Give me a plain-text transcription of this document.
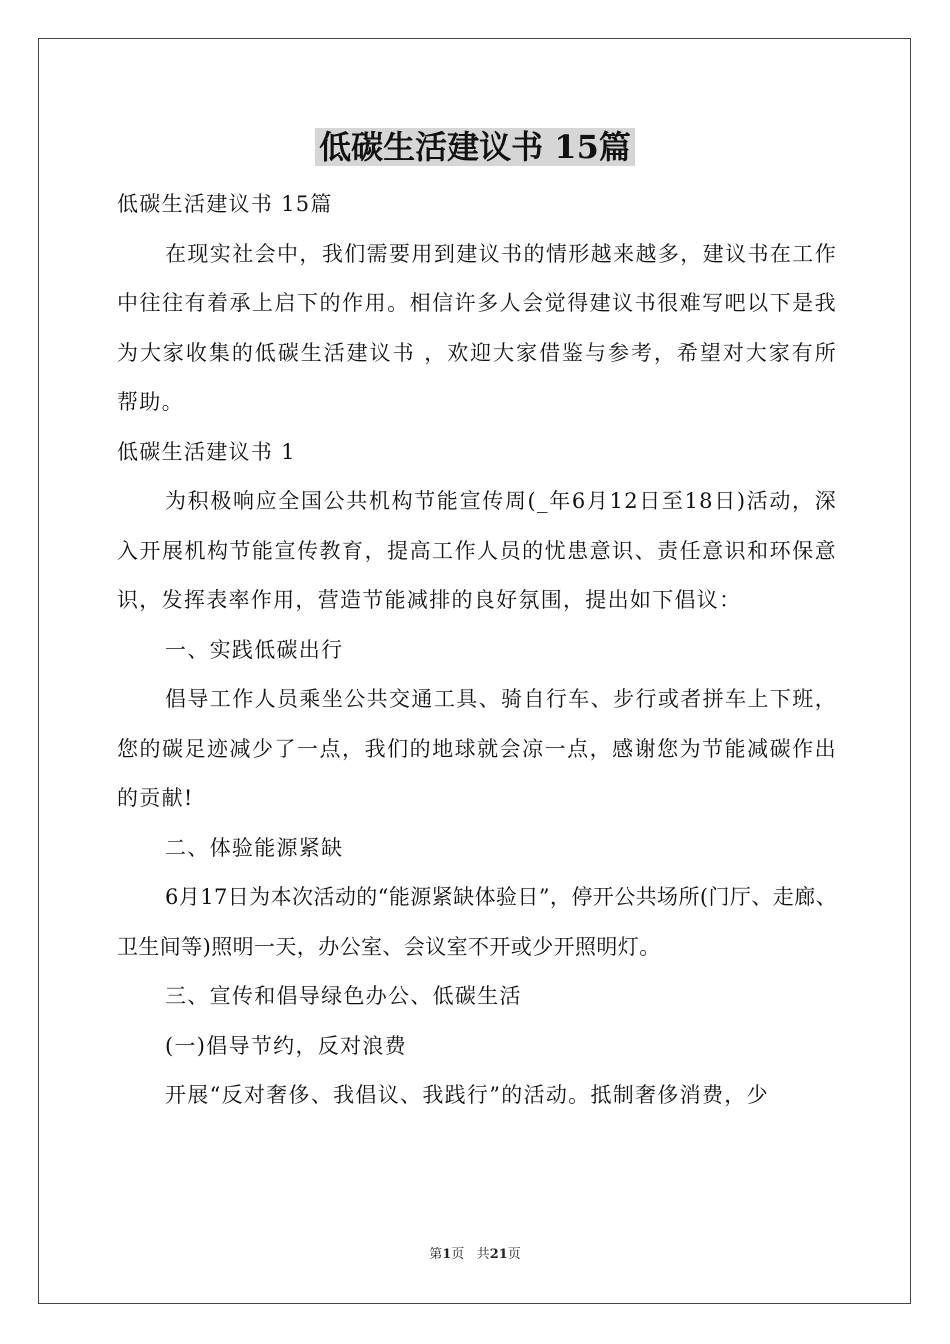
低碳生活建议书 15篇

低碳生活建议书 15篇

在现实社会中，我们需要用到建议书的情形越来越多，建议书在工作中往往有着承上启下的作用。相信许多人会觉得建议书很难写吧以下是我为大家收集的低碳生活建议书 ，欢迎大家借鉴与参考，希望对大家有所帮助。

低碳生活建议书 1

为积极响应全国公共机构节能宣传周(_年6月12日至18日)活动，深入开展机构节能宣传教育，提高工作人员的忧患意识、责任意识和环保意识，发挥表率作用，营造节能减排的良好氛围，提出如下倡议：

一、实践低碳出行

倡导工作人员乘坐公共交通工具、骑自行车、步行或者拼车上下班，您的碳足迹减少了一点，我们的地球就会凉一点，感谢您为节能减碳作出的贡献!

二、体验能源紧缺

6月17日为本次活动的“能源紧缺体验日”，停开公共场所(门厅、走廊、卫生间等)照明一天，办公室、会议室不开或少开照明灯。

三、宣传和倡导绿色办公、低碳生活

(一)倡导节约，反对浪费

开展“反对奢侈、我倡议、我践行”的活动。抵制奢侈消费，少

第1页 共21页
